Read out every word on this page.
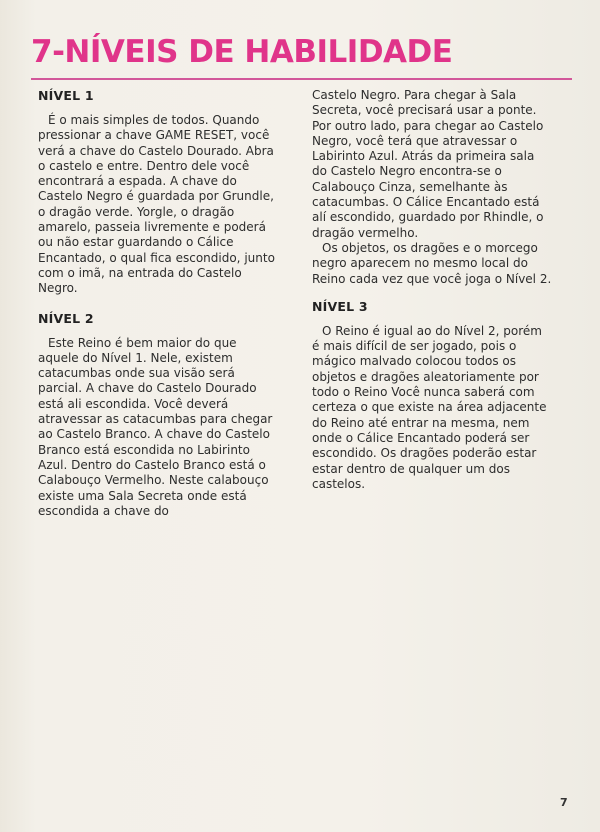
7-NÍVEIS DE HABILIDADE
NÍVEL 1

É o mais simples de todos. Quando pressionar a chave GAME RESET, você verá a chave do Castelo Dourado. Abra o castelo e entre. Dentro dele você encontrará a espada. A chave do Castelo Negro é guardada por Grundle, o dragão verde. Yorgle, o dragão amarelo, passeia livremente e poderá ou não estar guardando o Cálice Encantado, o qual fica escondido, junto com o imã, na entrada do Castelo Negro.

NÍVEL 2

Este Reino é bem maior do que aquele do Nível 1. Nele, existem catacumbas onde sua visão será parcial. A chave do Castelo Dourado está ali escondida. Você deverá atravessar as catacumbas para chegar ao Castelo Branco. A chave do Castelo Branco está escondida no Labirinto Azul. Dentro do Castelo Branco está o Calabouço Vermelho. Neste calabouço existe uma Sala Secreta onde está escondida a chave do

Castelo Negro. Para chegar à Sala Secreta, você precisará usar a ponte. Por outro lado, para chegar ao Castelo Negro, você terá que atravessar o Labirinto Azul. Atrás da primeira sala do Castelo Negro encontra-se o Calabouço Cinza, semelhante às catacumbas. O Cálice Encantado está alí escondido, guardado por Rhindle, o dragão vermelho.

Os objetos, os dragões e o morcego negro aparecem no mesmo local do Reino cada vez que você joga o Nível 2.

NÍVEL 3

O Reino é igual ao do Nível 2, porém é mais difícil de ser jogado, pois o mágico malvado colocou todos os objetos e dragões aleatoriamente por todo o Reino Você nunca saberá com certeza o que existe na área adjacente do Reino até entrar na mesma, nem onde o Cálice Encantado poderá ser escondido. Os dragões poderão estar estar dentro de qualquer um dos castelos.

7
